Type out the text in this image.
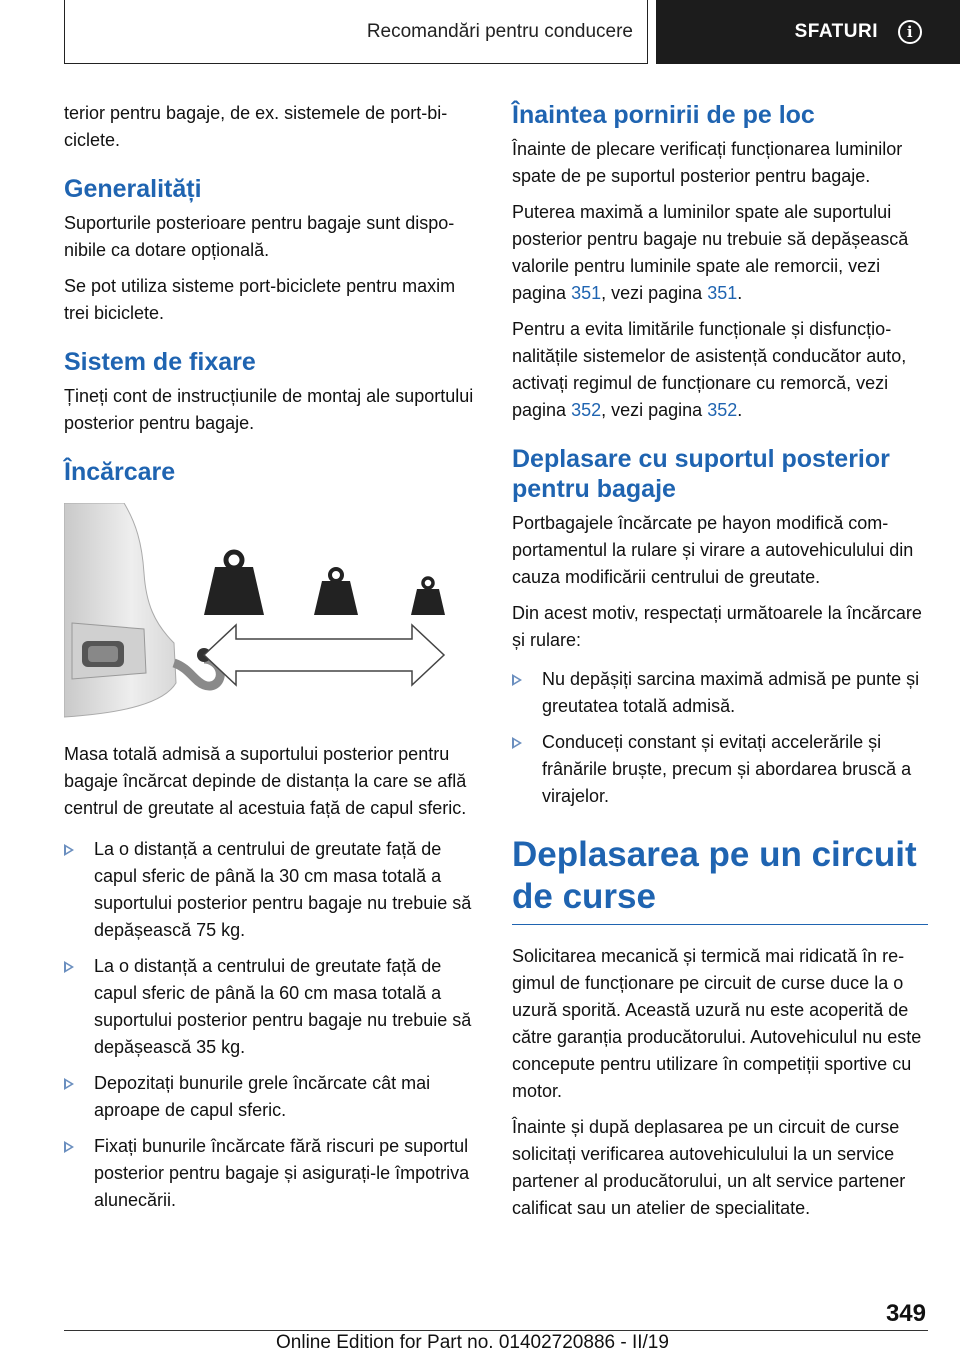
Recomandări pentru conducere	SFATURI	i

terior pentru bagaje, de ex. sistemele de port-biciclete.

Generalități

Suporturile posterioare pentru bagaje sunt disponibile ca dotare opțională.

Se pot utiliza sisteme port-biciclete pentru maxim trei biciclete.

Sistem de fixare

Țineți cont de instrucțiunile de montaj ale suportului posterior pentru bagaje.

Încărcare

Masa totală admisă a suportului posterior pentru bagaje încărcat depinde de distanța la care se află centrul de greutate al acestuia față de capul sferic.

La o distanță a centrului de greutate față de capul sferic de până la 30 cm masa totală a suportului posterior pentru bagaje nu trebuie să depășească 75 kg.
La o distanță a centrului de greutate față de capul sferic de până la 60 cm masa totală a suportului posterior pentru bagaje nu trebuie să depășească 35 kg.
Depozitați bunurile grele încărcate cât mai aproape de capul sferic.
Fixați bunurile încărcate fără riscuri pe suportul posterior pentru bagaje și asigurați-le împotriva alunecării.
Înaintea pornirii de pe loc

Înainte de plecare verificați funcționarea luminilor spate de pe suportul posterior pentru bagaje.

Puterea maximă a luminilor spate ale suportului posterior pentru bagaje nu trebuie să depășească valorile pentru luminile spate ale remorcii, vezi pagina 351, vezi pagina 351.

Pentru a evita limitările funcționale și disfuncționalitățile sistemelor de asistență conducător auto, activați regimul de funcționare cu remorcă, vezi pagina 352, vezi pagina 352.

Deplasare cu suportul posterior pentru bagaje

Portbagajele încărcate pe hayon modifică comportamentul la rulare și virare a autovehiculului din cauza modificării centrului de greutate.

Din acest motiv, respectați următoarele la încărcare și rulare:

Nu depășiți sarcina maximă admisă pe punte și greutatea totală admisă.
Conduceți constant și evitați accelerările și frânările bruște, precum și abordarea bruscă a virajelor.
Deplasarea pe un circuit de curse

Solicitarea mecanică și termică mai ridicată în regimul de funcționare pe circuit de curse duce la o uzură sporită. Această uzură nu este acoperită de către garanția producătorului. Autovehiculul nu este concepute pentru utilizare în competiții sportive cu motor.

Înainte și după deplasarea pe un circuit de curse solicitați verificarea autovehiculului la un service partener al producătorului, un alt service partener calificat sau un atelier de specialitate.

349
Online Edition for Part no. 01402720886 - II/19
